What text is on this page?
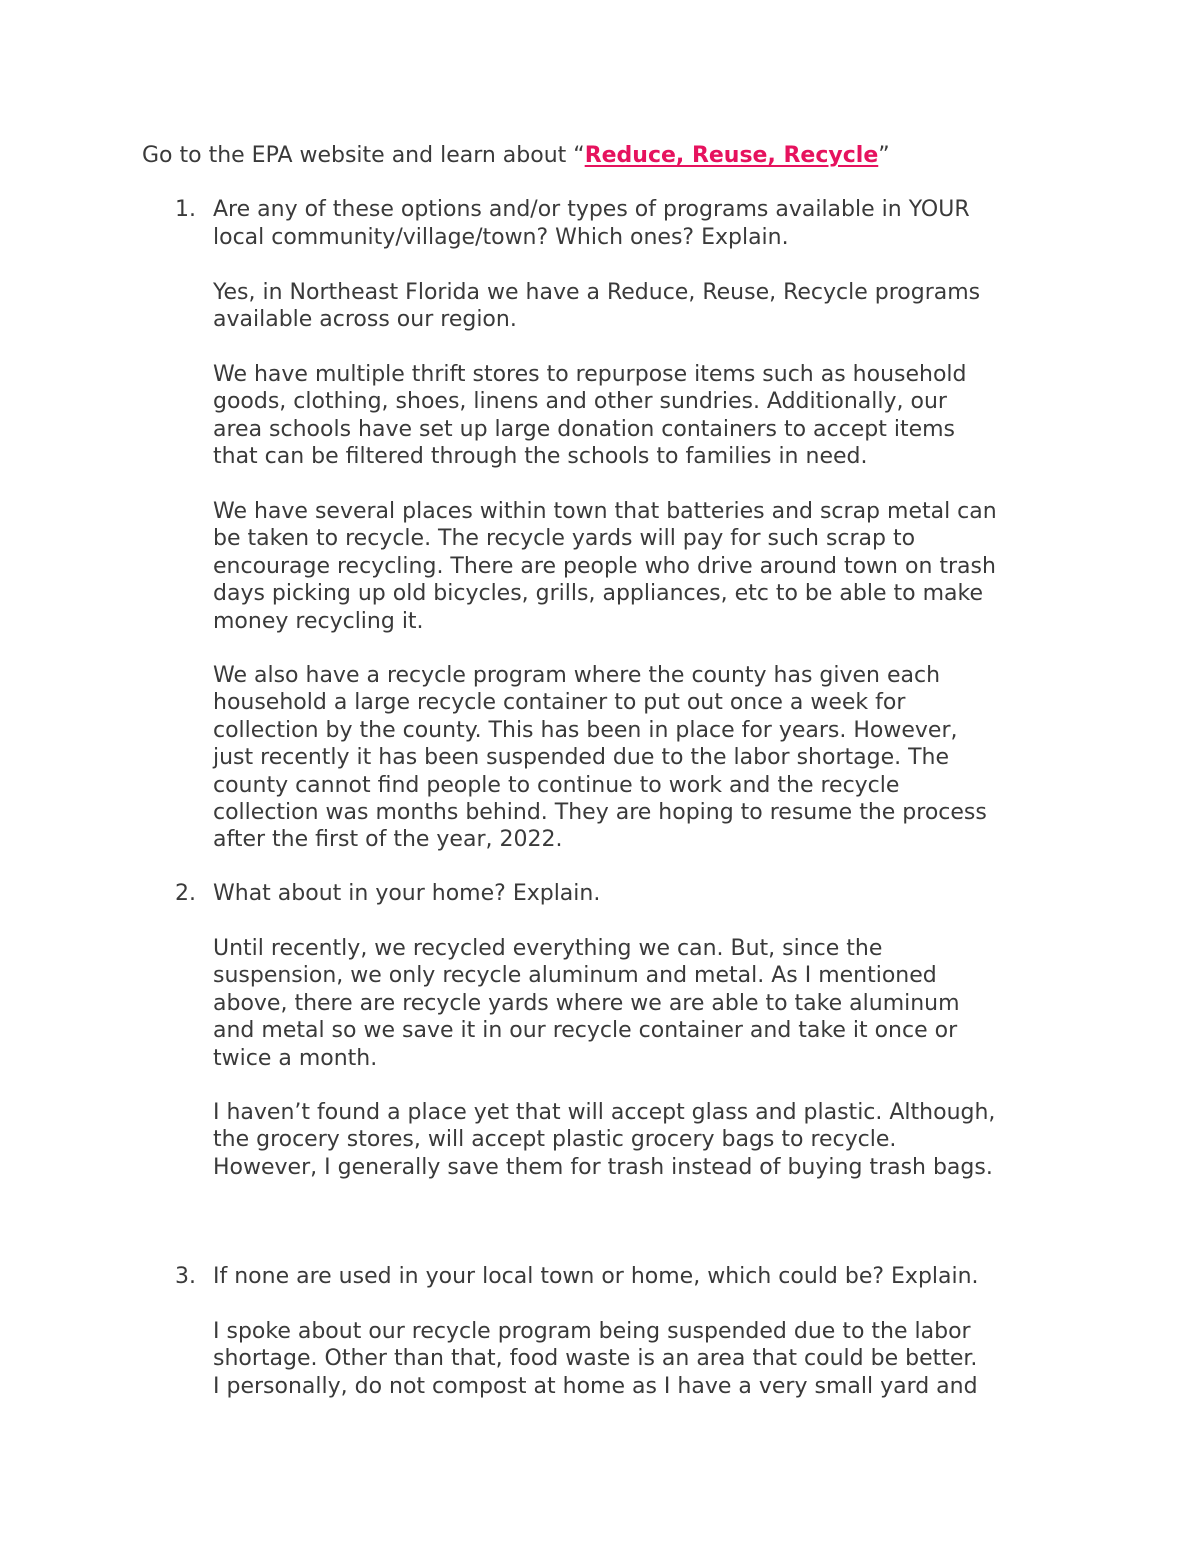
Go to the EPA website and learn about “Reduce, Reuse, Recycle”
1. Are any of these options and/or types of programs available in YOUR
local community/village/town? Which ones? Explain.
Yes, in Northeast Florida we have a Reduce, Reuse, Recycle programs
available across our region.
We have multiple thrift stores to repurpose items such as household
goods, clothing, shoes, linens and other sundries. Additionally, our
area schools have set up large donation containers to accept items
that can be filtered through the schools to families in need.
We have several places within town that batteries and scrap metal can
be taken to recycle. The recycle yards will pay for such scrap to
encourage recycling. There are people who drive around town on trash
days picking up old bicycles, grills, appliances, etc to be able to make
money recycling it.
We also have a recycle program where the county has given each
household a large recycle container to put out once a week for
collection by the county. This has been in place for years. However,
just recently it has been suspended due to the labor shortage. The
county cannot find people to continue to work and the recycle
collection was months behind. They are hoping to resume the process
after the first of the year, 2022.
2. What about in your home? Explain.
Until recently, we recycled everything we can. But, since the
suspension, we only recycle aluminum and metal. As I mentioned
above, there are recycle yards where we are able to take aluminum
and metal so we save it in our recycle container and take it once or
twice a month.
I haven’t found a place yet that will accept glass and plastic. Although,
the grocery stores, will accept plastic grocery bags to recycle.
However, I generally save them for trash instead of buying trash bags.
3. If none are used in your local town or home, which could be? Explain.
I spoke about our recycle program being suspended due to the labor
shortage. Other than that, food waste is an area that could be better.
I personally, do not compost at home as I have a very small yard and
